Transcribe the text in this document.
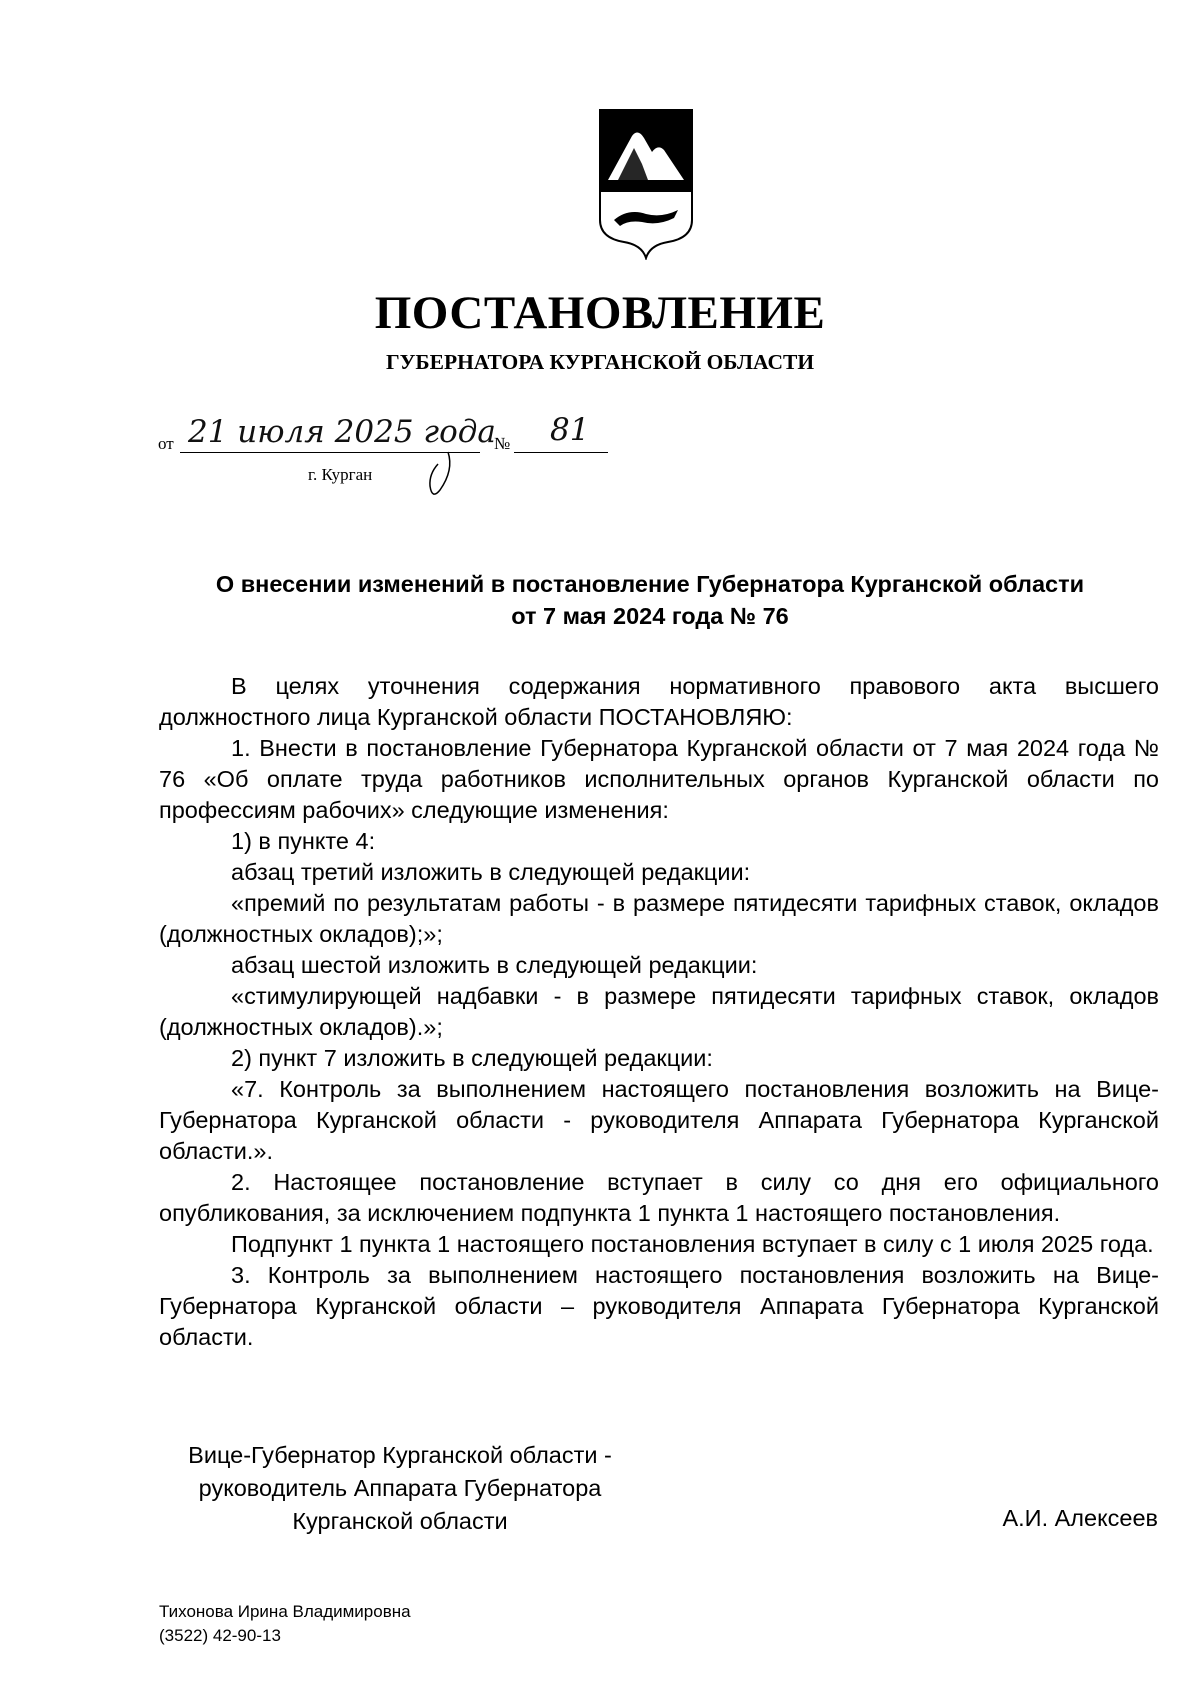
ПОСТАНОВЛЕНИЕ
ГУБЕРНАТОРА КУРГАНСКОЙ ОБЛАСТИ
от 21 июля 2025 года
№ 81
г. Курган
О внесении изменений в постановление Губернатора Курганской области
от 7 мая 2024 года № 76

В целях уточнения содержания нормативного правового акта высшего должностного лица Курганской области ПОСТАНОВЛЯЮ:

1. Внести в постановление Губернатора Курганской области от 7 мая 2024 года № 76 «Об оплате труда работников исполнительных органов Курганской области по профессиям рабочих» следующие изменения:

1) в пункте 4:

абзац третий изложить в следующей редакции:

«премий по результатам работы - в размере пятидесяти тарифных ставок, окладов (должностных окладов);»;

абзац шестой изложить в следующей редакции:

«стимулирующей надбавки - в размере пятидесяти тарифных ставок, окладов (должностных окладов).»;

2) пункт 7 изложить в следующей редакции:

«7. Контроль за выполнением настоящего постановления возложить на Вице-Губернатора Курганской области - руководителя Аппарата Губернатора Курганской области.».

2. Настоящее постановление вступает в силу со дня его официального опубликования, за исключением подпункта 1 пункта 1 настоящего постановления.

Подпункт 1 пункта 1 настоящего постановления вступает в силу с 1 июля 2025 года.

3. Контроль за выполнением настоящего постановления возложить на Вице-Губернатора Курганской области – руководителя Аппарата Губернатора Курганской области.

Вице-Губернатор Курганской области -
руководитель Аппарата Губернатора
Курганской области	А.И. Алексеев
Тихонова Ирина Владимировна
(3522) 42-90-13
